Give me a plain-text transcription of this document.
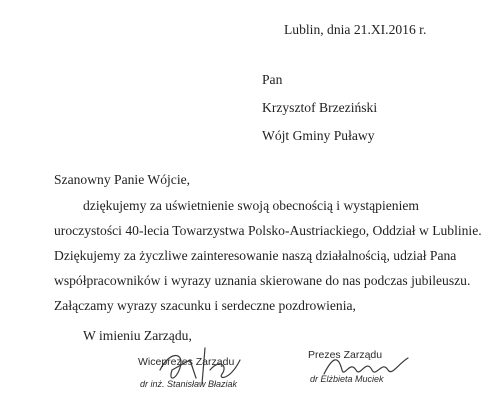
Lublin, dnia 21.XI.2016 r.
Pan
Krzysztof Brzeziński
Wójt Gminy Puławy
Szanowny Panie Wójcie,
dziękujemy za uświetnienie swoją obecnością i wystąpieniem
uroczystości 40-lecia Towarzystwa Polsko-Austriackiego, Oddział w Lublinie.
Dziękujemy za życzliwe zainteresowanie naszą działalnością, udział Pana
współpracowników i wyrazy uznania skierowane do nas podczas jubileuszu.
Załączamy wyrazy szacunku i serdeczne pozdrowienia,
W imieniu Zarządu,
Wiceprezes Zarządu
dr inż. Stanisław Błaziak
Prezes Zarządu
dr Elżbieta Muciek
